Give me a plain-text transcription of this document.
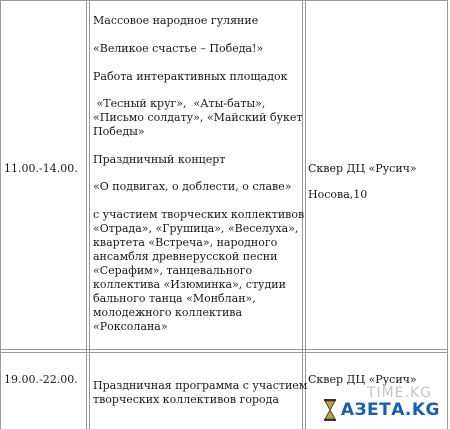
11.00.-14.00.
Массовое народное гуляние
«Великое счастье – Победа!»
Работа интерактивных площадок
«Тесный круг»,  «Аты-баты»,
«Письмо солдату», «Майский букет
Победы»
Праздничный концерт
«О подвигах, о доблести, о славе»
с участием творческих коллективов
«Отрада», «Грушица», «Веселуха»,
квартета «Встреча», народного
ансамбля древнерусской песни
«Серафим», танцевального
коллектива «Изюминка», студии
бального танца «Монблан»,
молодежного коллектива
«Роксолана»
Сквер ДЦ «Русич»
Носова,10
19.00.-22.00. Праздничная программа с участием
творческих коллективов города
Сквер ДЦ «Русич»
TIME.KG
АЗЕТА.KG
